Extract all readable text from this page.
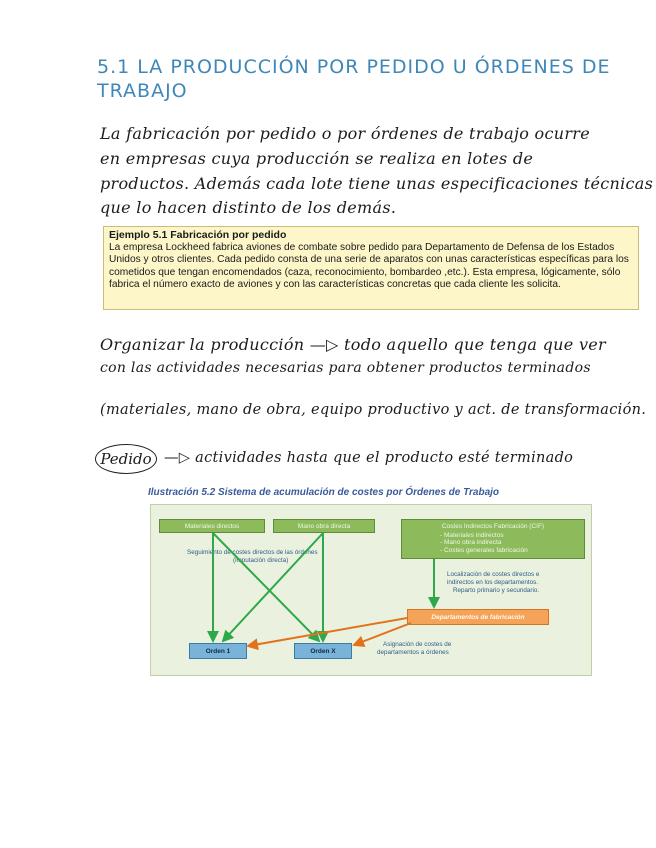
5.1 LA PRODUCCIÓN POR PEDIDO U ÓRDENES DE
TRABAJO
La fabricación por pedido o por órdenes de trabajo ocurre
en empresas cuya producción se realiza en lotes de
productos. Además cada lote tiene unas especificaciones técnicas
que lo hacen distinto de los demás.
Ejemplo 5.1 Fabricación por pedido
La empresa Lockheed fabrica aviones de combate sobre pedido para Departamento de Defensa de los Estados Unidos y otros clientes. Cada pedido consta de una serie de aparatos con unas características específicas para los cometidos que tengan encomendados (caza, reconocimiento, bombardeo ,etc.). Esta empresa, lógicamente, sólo fabrica el número exacto de aviones y con las características concretas que cada cliente les solicita.
Organizar la producción —▷ todo aquello que tenga que ver
con las actividades necesarias para obtener productos terminados
(materiales, mano de obra, equipo productivo y act. de transformación.
Pedido —▷ actividades hasta que el producto esté terminado
Ilustración 5.2 Sistema de acumulación de costes por Órdenes de Trabajo
Materiales directos	Mano obra directa	Costes Indirectos Fabricación (CIF)
- Materiales indirectos
- Mano obra indirecta
- Costes generales fabricación
Seguimiento de costes directos de las órdenes
(imputación directa)
Localización de costes directos e
indirectos en los departamentos.
Reparto primario y secundario.
Departamentos de fabricación
Asignación de costes de
departamentos a órdenes
Orden 1	Orden X
